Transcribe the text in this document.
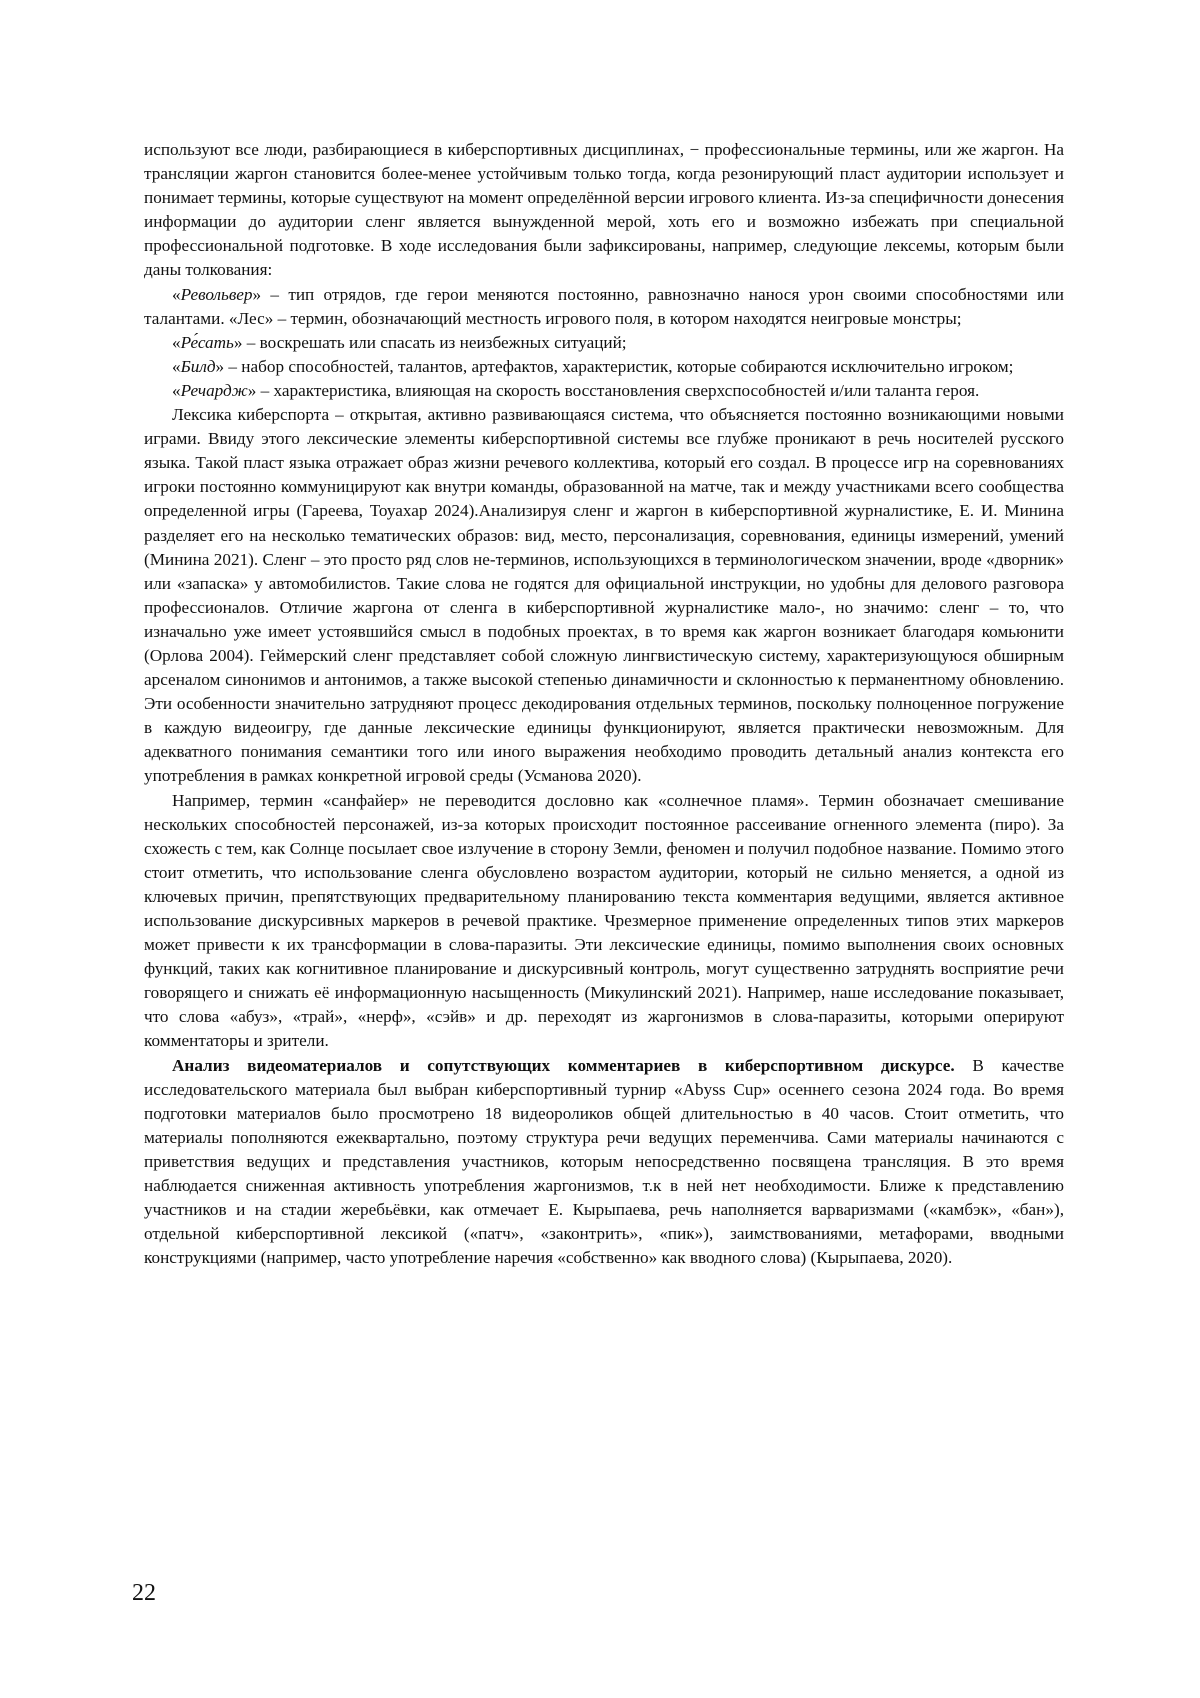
используют все люди, разбирающиеся в киберспортивных дисциплинах, − профессиональные термины, или же жаргон. На трансляции жаргон становится более-менее устойчивым только тогда, когда резонирующий пласт аудитории использует и понимает термины, которые существуют на момент определённой версии игрового клиента. Из-за специфичности донесения информации до аудитории сленг является вынужденной мерой, хоть его и возможно избежать при специальной профессиональной подготовке. В ходе исследования были зафиксированы, например, следующие лексемы, которым были даны толкования:

«Револьвер» – тип отрядов, где герои меняются постоянно, равнозначно нанося урон своими способностями или талантами. «Лес» – термин, обозначающий местность игрового поля, в котором находятся неигровые монстры;

«Ре́сать» – воскрешать или спасать из неизбежных ситуаций;

«Билд» – набор способностей, талантов, артефактов, характеристик, которые собираются исключительно игроком;

«Речардж» – характеристика, влияющая на скорость восстановления сверхспособностей и/или таланта героя.

Лексика киберспорта – открытая, активно развивающаяся система, что объясняется постоянно возникающими новыми играми. Ввиду этого лексические элементы киберспортивной системы все глубже проникают в речь носителей русского языка. Такой пласт языка отражает образ жизни речевого коллектива, который его создал. В процессе игр на соревнованиях игроки постоянно коммуницируют как внутри команды, образованной на матче, так и между участниками всего сообщества определенной игры (Гареева, Тоуахар 2024).Анализируя сленг и жаргон в киберспортивной журналистике, Е. И. Минина разделяет его на несколько тематических образов: вид, место, персонализация, соревнования, единицы измерений, умений (Минина 2021). Сленг – это просто ряд слов не-терминов, использующихся в терминологическом значении, вроде «дворник» или «запаска» у автомобилистов. Такие слова не годятся для официальной инструкции, но удобны для делового разговора профессионалов. Отличие жаргона от сленга в киберспортивной журналистике мало-, но значимо: сленг – то, что изначально уже имеет устоявшийся смысл в подобных проектах, в то время как жаргон возникает благодаря комьюнити (Орлова 2004). Геймерский сленг представляет собой сложную лингвистическую систему, характеризующуюся обширным арсеналом синонимов и антонимов, а также высокой степенью динамичности и склонностью к перманентному обновлению. Эти особенности значительно затрудняют процесс декодирования отдельных терминов, поскольку полноценное погружение в каждую видеоигру, где данные лексические единицы функционируют, является практически невозможным. Для адекватного понимания семантики того или иного выражения необходимо проводить детальный анализ контекста его употребления в рамках конкретной игровой среды (Усманова 2020).

Например, термин «санфайер» не переводится дословно как «солнечное пламя». Термин обозначает смешивание нескольких способностей персонажей, из-за которых происходит постоянное рассеивание огненного элемента (пиро). За схожесть с тем, как Солнце посылает свое излучение в сторону Земли, феномен и получил подобное название. Помимо этого стоит отметить, что использование сленга обусловлено возрастом аудитории, который не сильно меняется, а одной из ключевых причин, препятствующих предварительному планированию текста комментария ведущими, является активное использование дискурсивных маркеров в речевой практике. Чрезмерное применение определенных типов этих маркеров может привести к их трансформации в слова-паразиты. Эти лексические единицы, помимо выполнения своих основных функций, таких как когнитивное планирование и дискурсивный контроль, могут существенно затруднять восприятие речи говорящего и снижать её информационную насыщенность (Микулинский 2021). Например, наше исследование показывает, что слова «абуз», «трай», «нерф», «сэйв» и др. переходят из жаргонизмов в слова-паразиты, которыми оперируют комментаторы и зрители.

Анализ видеоматериалов и сопутствующих комментариев в киберспортивном дискурсе. В качестве исследовательского материала был выбран киберспортивный турнир «Abyss Cup» осеннего сезона 2024 года. Во время подготовки материалов было просмотрено 18 видеороликов общей длительностью в 40 часов. Стоит отметить, что материалы пополняются ежеквартально, поэтому структура речи ведущих переменчива. Сами материалы начинаются с приветствия ведущих и представления участников, которым непосредственно посвящена трансляция. В это время наблюдается сниженная активность употребления жаргонизмов, т.к в ней нет необходимости. Ближе к представлению участников и на стадии жеребьёвки, как отмечает Е. Кырыпаева, речь наполняется варваризмами («камбэк», «бан»), отдельной киберспортивной лексикой («патч», «законтрить», «пик»), заимствованиями, метафорами, вводными конструкциями (например, часто употребление наречия «собственно» как вводного слова) (Кырыпаева, 2020).

22
